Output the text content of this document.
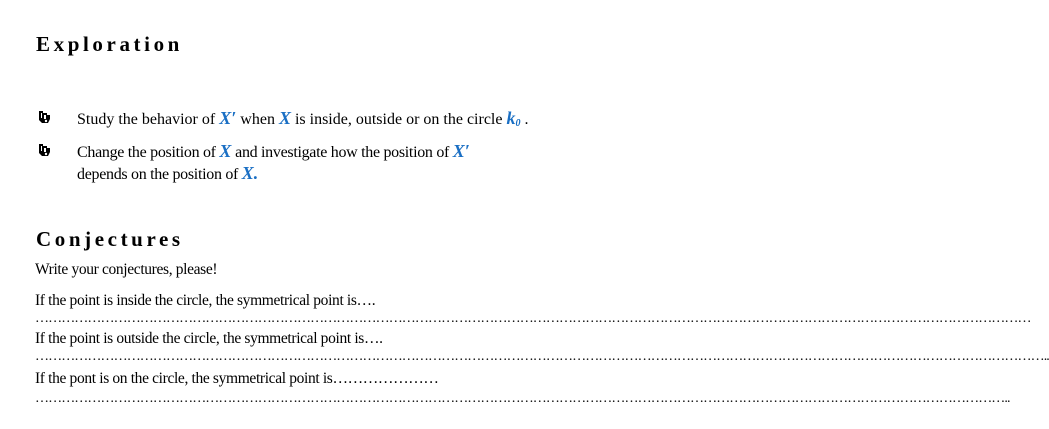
Exploration

Study the behavior of X′ when X is inside, outside or on the circle $k_0$ .

Change the position of X and investigate how the position of X′
depends on the position of X.

Conjectures

Write your conjectures, please!

If the point is inside the circle, the symmetrical point is….

…………………………………………………………………………………………………………………………………………………………………………………………………………

If the point is outside the circle, the symmetrical point is….

……………………………………………………………………………………………………………………………………………………………………………………………………………..

If the pont is on the circle, the symmetrical point is…………………

……………………………………………………………………………………………………………………………………………………………………………………………………..
